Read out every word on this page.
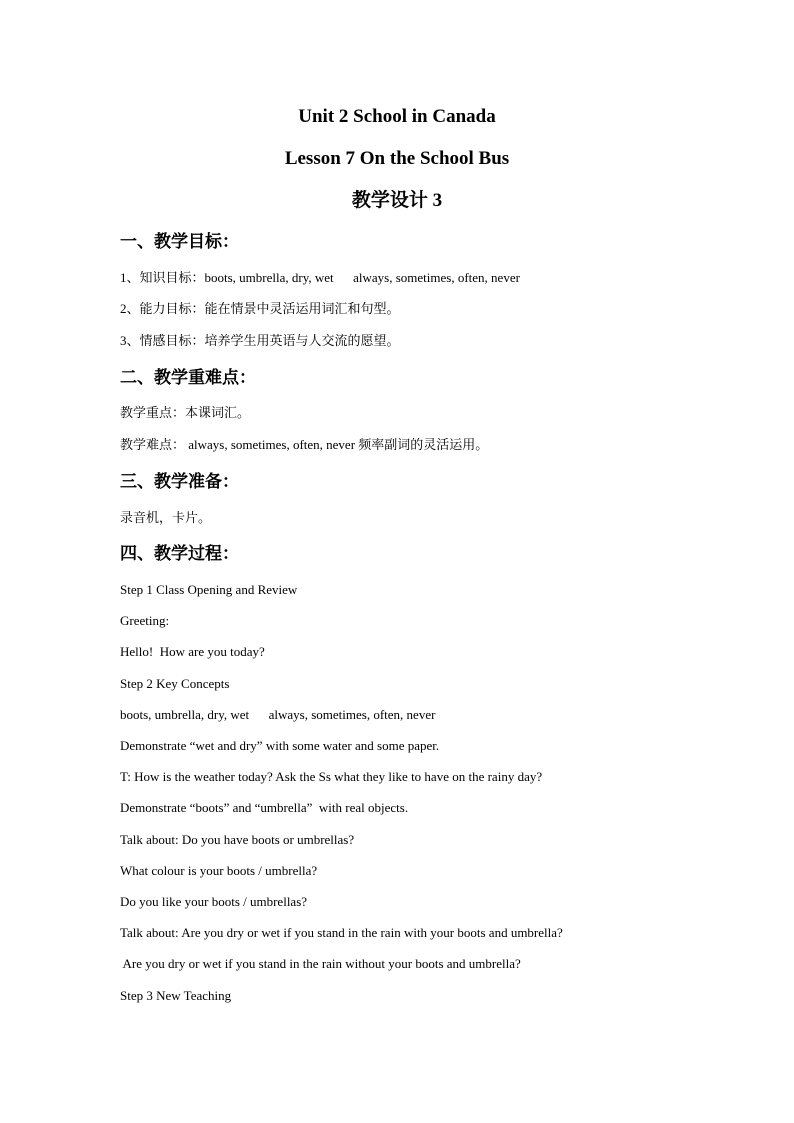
Unit 2 School in Canada
Lesson 7 On the School Bus
教学设计 3
一、教学目标：
1、知识目标：boots, umbrella, dry, wet      always, sometimes, often, never
2、能力目标：能在情景中灵活运用词汇和句型。
3、情感目标：培养学生用英语与人交流的愿望。
二、教学重难点：
教学重点：本课词汇。
教学难点： always, sometimes, often, never 频率副词的灵活运用。
三、教学准备：
录音机，卡片。
四、教学过程：
Step 1 Class Opening and Review
Greeting:
Hello!  How are you today?
Step 2 Key Concepts
boots, umbrella, dry, wet      always, sometimes, often, never
Demonstrate “wet and dry” with some water and some paper.
T: How is the weather today? Ask the Ss what they like to have on the rainy day?
Demonstrate “boots” and “umbrella”  with real objects.
Talk about: Do you have boots or umbrellas?
What colour is your boots / umbrella?
Do you like your boots / umbrellas?
Talk about: Are you dry or wet if you stand in the rain with your boots and umbrella?
Are you dry or wet if you stand in the rain without your boots and umbrella?
Step 3 New Teaching
